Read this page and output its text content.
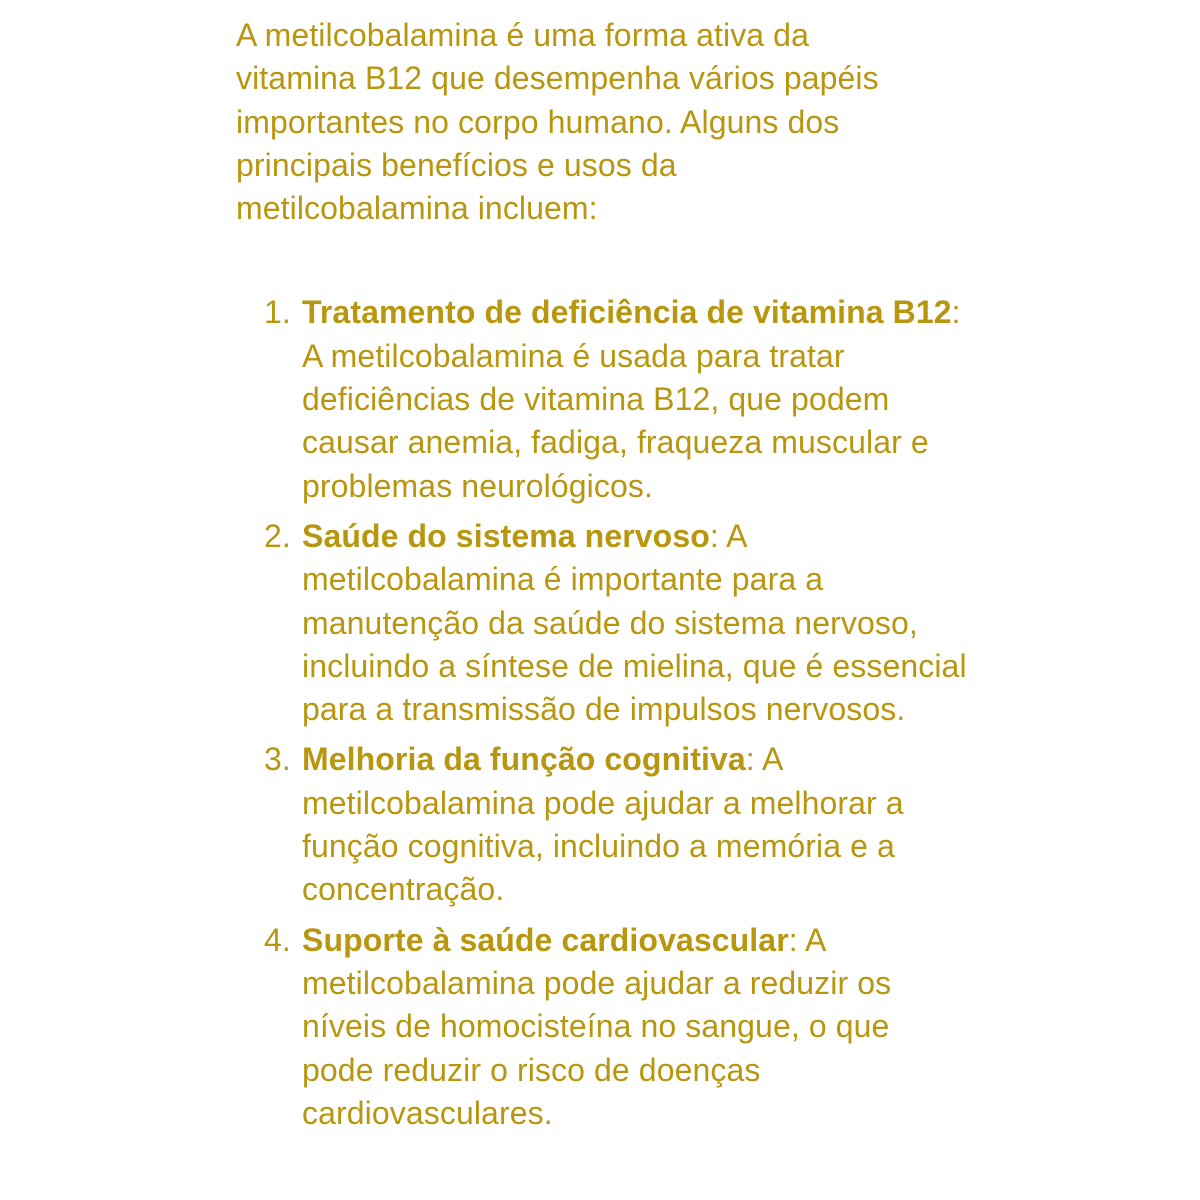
A metilcobalamina é uma forma ativa da vitamina B12 que desempenha vários papéis importantes no corpo humano. Alguns dos principais benefícios e usos da metilcobalamina incluem:

1. Tratamento de deficiência de vitamina B12: A metilcobalamina é usada para tratar deficiências de vitamina B12, que podem causar anemia, fadiga, fraqueza muscular e problemas neurológicos.
2. Saúde do sistema nervoso: A metilcobalamina é importante para a manutenção da saúde do sistema nervoso, incluindo a síntese de mielina, que é essencial para a transmissão de impulsos nervosos.
3. Melhoria da função cognitiva: A metilcobalamina pode ajudar a melhorar a função cognitiva, incluindo a memória e a concentração.
4. Suporte à saúde cardiovascular: A metilcobalamina pode ajudar a reduzir os níveis de homocisteína no sangue, o que pode reduzir o risco de doenças cardiovasculares.
